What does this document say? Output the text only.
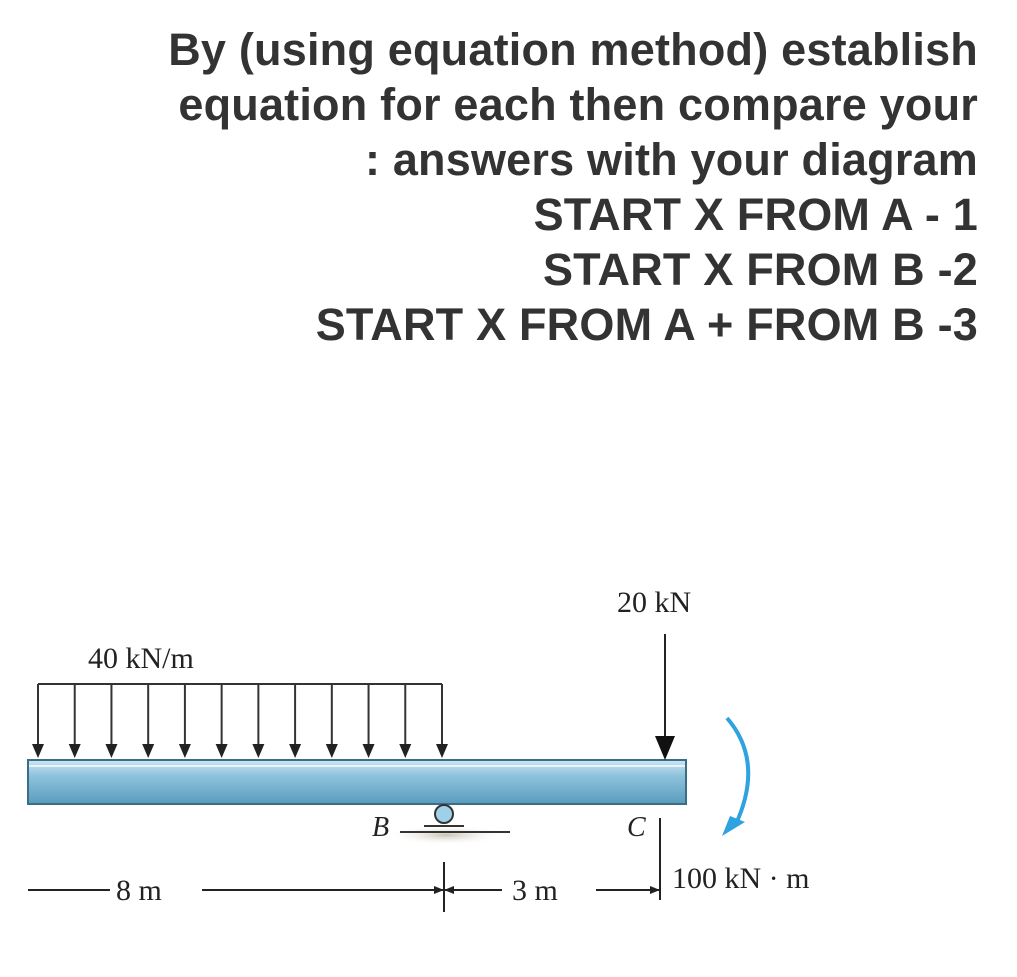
By (using equation method) establish
equation for each then compare your
: answers with your diagram
START X FROM A - 1
START X FROM B -2
START X FROM A + FROM B -3
40 kN/m
20 kN
B	C
100 kN · m
8 m	3 m
